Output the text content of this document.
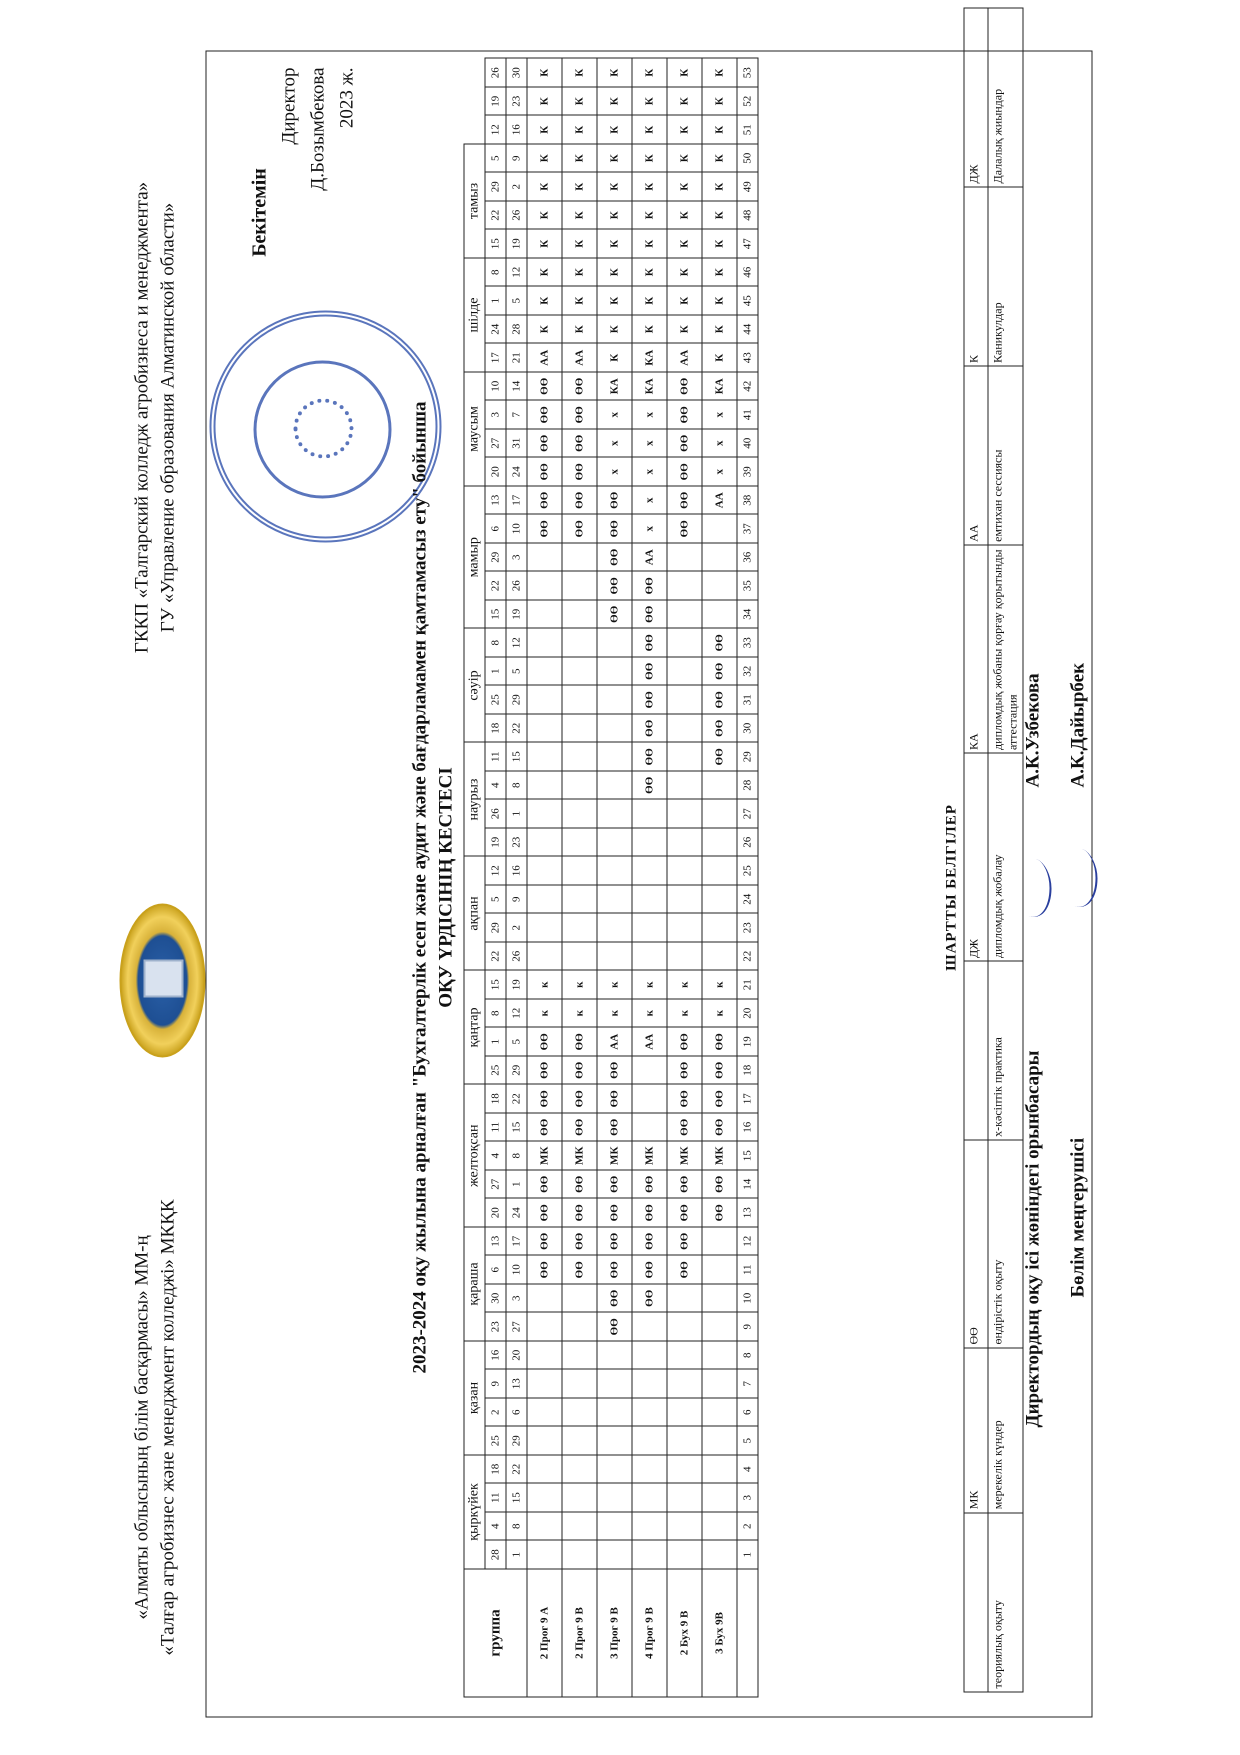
«Алматы облысының білім басқармасы» ММ-ң «Талғар агробизнес және менеджмент колледжі» МКҚК
ГККП «Талгарский колледж агробизнеса и менеджмента» ГУ «Управление образования Алматинской области»	Бекітемін
Директор Д.Бозымбекова 2023 ж.
2023-2024 оқу жылына арналған "Бухгалтерлік есеп және аудит және бағдарламамен қамтамасыз ету" бойынша ОҚУ ҮРДІСІНІҢ КЕСТЕСІ
группа	қыркүйек				қазан				қараша				желтоқсан					қаңтар				ақпан				наурыз				сәуір				мамыр					маусым				шілде				тамыз						
	28	4	11	18	25	2	9	16	23	30	6	13	20	27	4	11	18	25	1	8	15	22	29	5	12	19	26	4	11	18	25	1	8	15	22	29	6	13	20	27	3	10	17	24	1	8	15	22	29	5	12	19	26
	1	8	15	22	29	6	13	20	27	3	10	17	24	1	8	15	22	29	5	12	19	26	2	9	16	23	1	8	15	22	29	5	12	19	26	3	10	17	24	31	7	14	21	28	5	12	19	26	2	9	16	23	30
2 Прог 9 А											ӨӨ	ӨӨ	ӨӨ	ӨӨ	МК	ӨӨ	ӨӨ	ӨӨ	ӨӨ	к	к																ӨӨ	ӨӨ	ӨӨ	ӨӨ	ӨӨ	ӨӨ	АА	К	К	К	К	К	К	К	К	К	К
2 Прог 9 В											ӨӨ	ӨӨ	ӨӨ	ӨӨ	МК	ӨӨ	ӨӨ	ӨӨ	ӨӨ	к	к																ӨӨ	ӨӨ	ӨӨ	ӨӨ	ӨӨ	ӨӨ	АА	К	К	К	К	К	К	К	К	К	К
3 Прог 9 В									ӨӨ	ӨӨ	ӨӨ	ӨӨ	ӨӨ	ӨӨ	МК	ӨӨ	ӨӨ	ӨӨ	АА	к	к													ӨӨ	ӨӨ	ӨӨ	ӨӨ	ӨӨ	х	х	х	КА	К	К	К	К	К	К	К	К	К	К	К
4 Прог 9 В										ӨӨ	ӨӨ	ӨӨ	ӨӨ	ӨӨ	МК				АА	к	к							ӨӨ	ӨӨ	ӨӨ	ӨӨ	ӨӨ	ӨӨ	ӨӨ	ӨӨ	АА	х	х	х	х	х	КА	КА	К	К	К	К	К	К	К	К	К	К
2 Бух 9 В											ӨӨ	ӨӨ	ӨӨ	ӨӨ	МК	ӨӨ	ӨӨ	ӨӨ	ӨӨ	к	к																ӨӨ	ӨӨ	ӨӨ	ӨӨ	ӨӨ	ӨӨ	АА	К	К	К	К	К	К	К	К	К	К
3 Бух 9В													ӨӨ	ӨӨ	МК	ӨӨ	ӨӨ	ӨӨ	ӨӨ	к	к								ӨӨ	ӨӨ	ӨӨ	ӨӨ	ӨӨ					АА	х	х	х	КА	К	К	К	К	К	К	К	К	К	К	К
	1	2	3	4	5	6	7	8	9	10	11	12	13	14	15	16	17	18	19	20	21	22	23	24	25	26	27	28	29	30	31	32	33	34	35	36	37	38	39	40	41	42	43	44	45	46	47	48	49	50	51	52	53
ШАРТТЫ БЕЛГІЛЕР
	МК	ӨӨ		ДЖ	КА	АА	К	ДЖ
теориялық оқыту	мерекелік күндер	өндірістік оқыту	х-кәсіптік практика	дипломдық жобалау	дипломдық жобаны қорғау қорытынды аттестация	емтихан сессиясы	Каникулдар	Далалық жиындар
Директордың оқу ісі жөніндегі орынбасары
А.К.Узбекова
Бөлім меңгерушісі
А.К.Дайырбек
